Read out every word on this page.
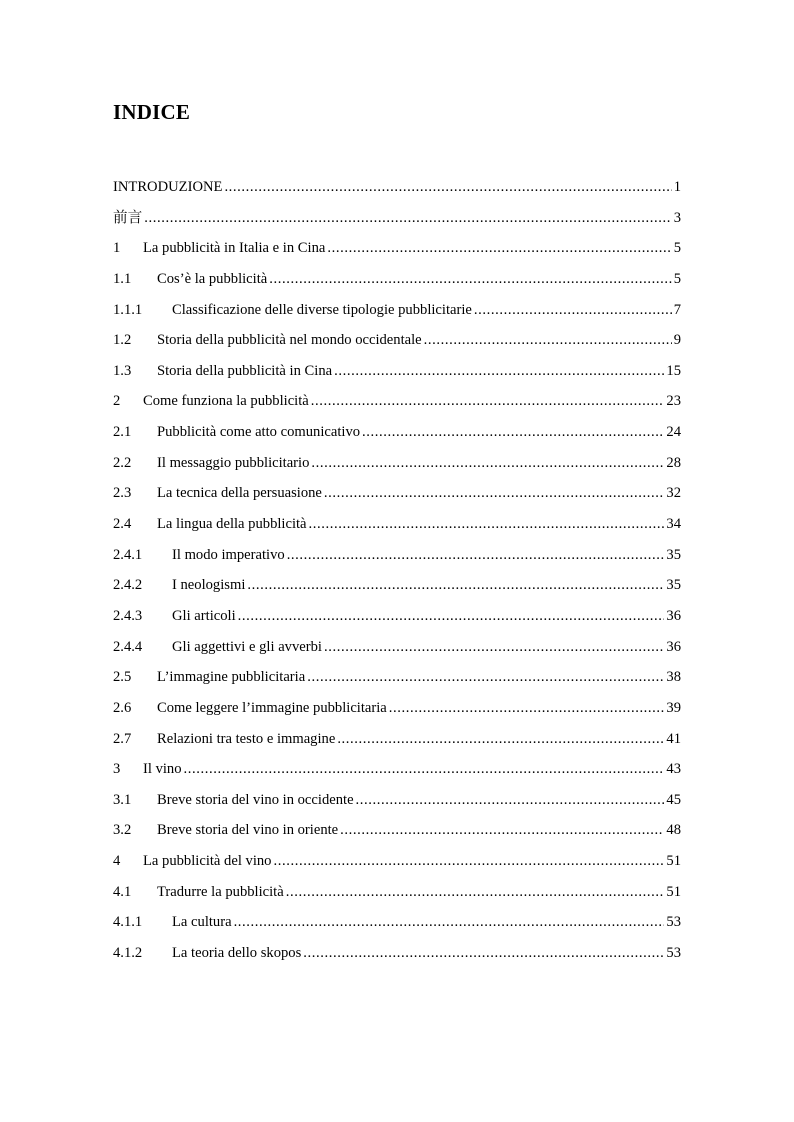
INDICE
INTRODUZIONE .....	1
前言 .....	3
1	La pubblicità in Italia e in Cina .....	5
1.1	Cos’è la pubblicità .....	5
1.1.1	Classificazione delle diverse tipologie pubblicitarie .....	7
1.2	Storia della pubblicità nel mondo occidentale .....	9
1.3	Storia della pubblicità in Cina .....	15
2	Come funziona la pubblicità .....	23
2.1	Pubblicità come atto comunicativo .....	24
2.2	Il messaggio pubblicitario .....	28
2.3	La tecnica della persuasione .....	32
2.4	La lingua della pubblicità .....	34
2.4.1	Il modo imperativo .....	35
2.4.2	I neologismi .....	35
2.4.3	Gli articoli .....	36
2.4.4	Gli aggettivi e gli avverbi .....	36
2.5	L’immagine pubblicitaria .....	38
2.6	Come leggere l’immagine pubblicitaria .....	39
2.7	Relazioni tra testo e immagine .....	41
3	Il vino .....	43
3.1	Breve storia del vino in occidente .....	45
3.2	Breve storia del vino in oriente .....	48
4	La pubblicità del vino .....	51
4.1	Tradurre la pubblicità .....	51
4.1.1	La cultura .....	53
4.1.2	La teoria dello skopos .....	53
